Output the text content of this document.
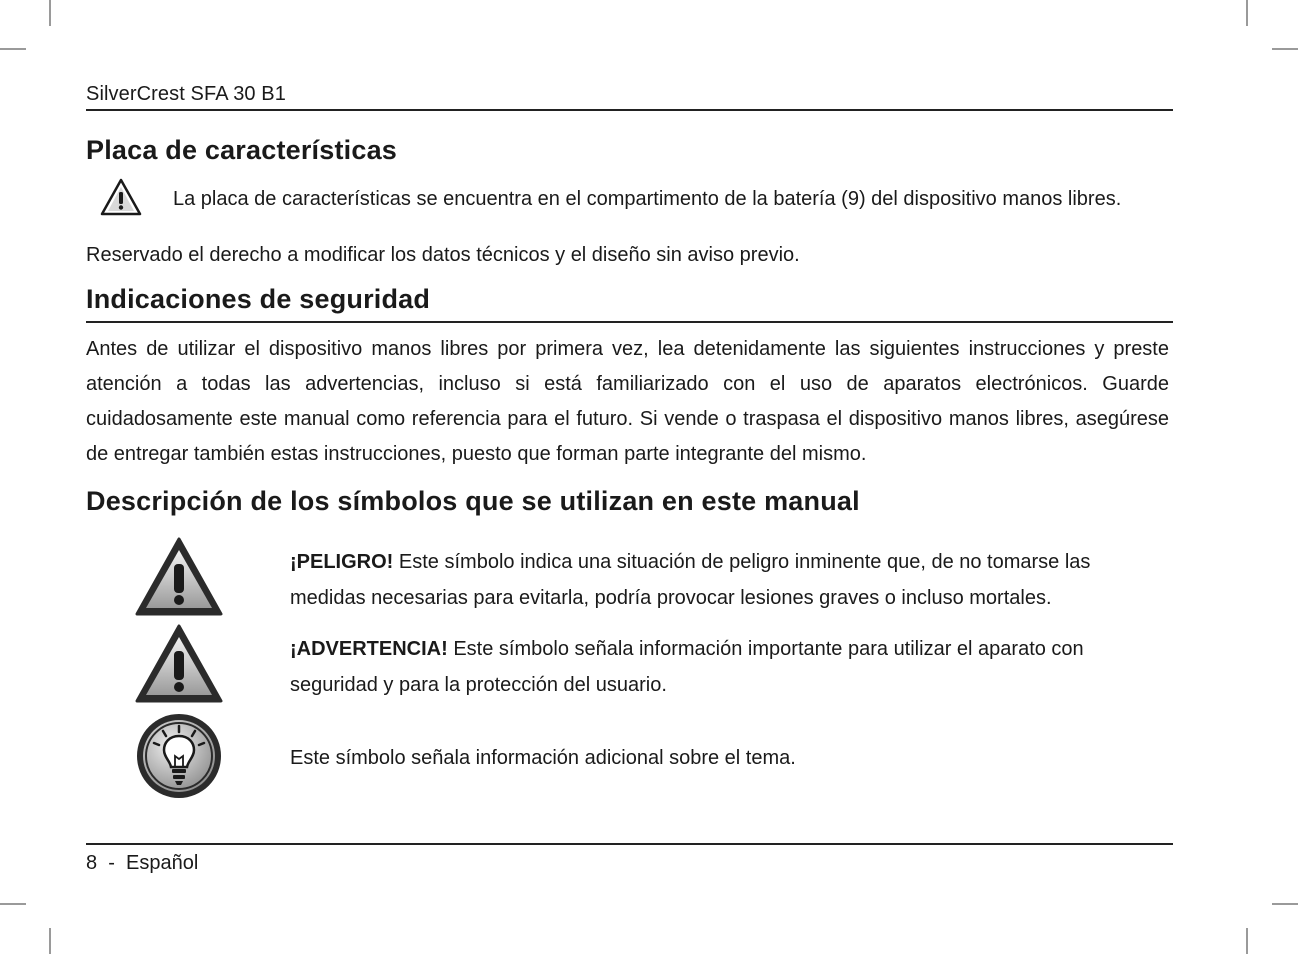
SilverCrest SFA 30 B1
Placa de características

La placa de características se encuentra en el compartimento de la batería (9) del dispositivo manos libres.

Reservado el derecho a modificar los datos técnicos y el diseño sin aviso previo.

Indicaciones de seguridad

Antes de utilizar el dispositivo manos libres por primera vez, lea detenidamente las siguientes instrucciones y preste atención a todas las advertencias, incluso si está familiarizado con el uso de aparatos electrónicos. Guarde cuidadosamente este manual como referencia para el futuro. Si vende o traspasa el dispositivo manos libres, asegúrese de entregar también estas instrucciones, puesto que forman parte integrante del mismo.

Descripción de los símbolos que se utilizan en este manual

¡PELIGRO! Este símbolo indica una situación de peligro inminente que, de no tomarse las medidas necesarias para evitarla, podría provocar lesiones graves o incluso mortales.

¡ADVERTENCIA! Este símbolo señala información importante para utilizar el aparato con seguridad y para la protección del usuario.

Este símbolo señala información adicional sobre el tema.

8 - Español
